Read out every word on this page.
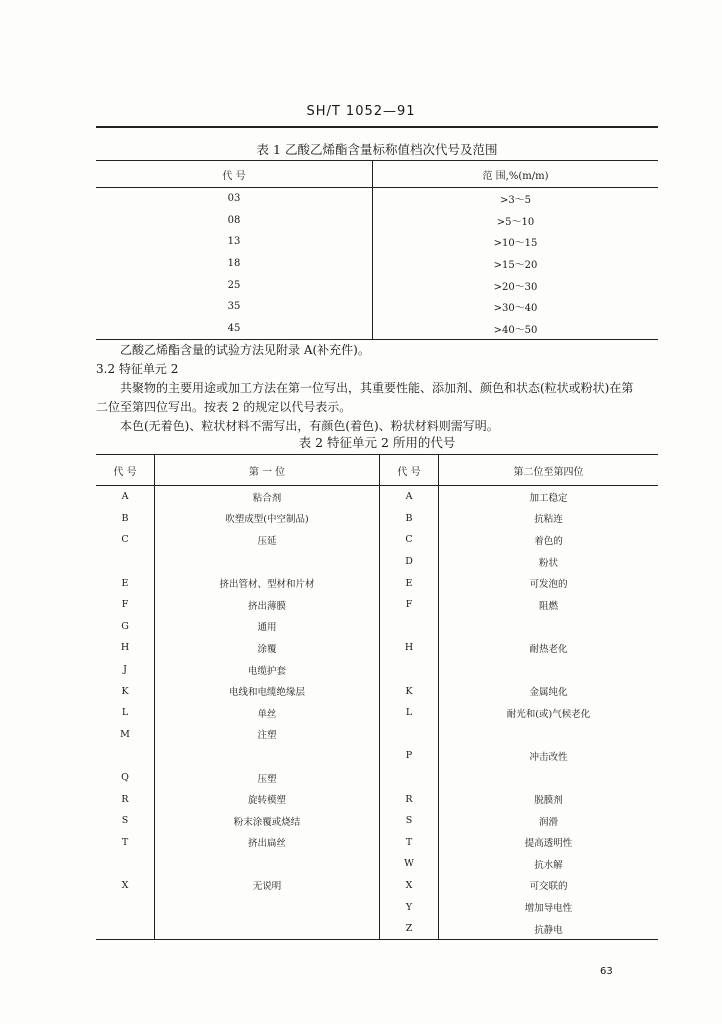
SH/T 1052—91
表 1 乙酸乙烯酯含量标称值档次代号及范围
代 号	范 围,%(m/m)
03	>3～5
08	>5～10
13	>10～15
18	>15～20
25	>20～30
35	>30～40
45	>40～50
乙酸乙烯酯含量的试验方法见附录 A(补充件)。
3.2 特征单元 2
共聚物的主要用途或加工方法在第一位写出，其重要性能、添加剂、颜色和状态(粒状或粉状)在第
二位至第四位写出。按表 2 的规定以代号表示。
本色(无着色)、粒状材料不需写出，有颜色(着色)、粉状材料则需写明。
表 2 特征单元 2 所用的代号
代 号	第 一 位	代 号	第二位至第四位
A	粘合剂	A	加工稳定
B	吹塑成型(中空制品)	B	抗粘连
C	压延	C	着色的
		D	粉状
E	挤出管材、型材和片材	E	可发泡的
F	挤出薄膜	F	阻燃
G	通用		
H	涂覆	H	耐热老化
J	电缆护套		
K	电线和电缆绝缘层	K	金属纯化
L	单丝	L	耐光和(或)气候老化
M	注塑		
		P	冲击改性
Q	压塑		
R	旋转模塑	R	脱膜剂
S	粉末涂覆或烧结	S	润滑
T	挤出扁丝	T	提高透明性
		W	抗水解
X	无说明	X	可交联的
		Y	增加导电性
		Z	抗静电
63
